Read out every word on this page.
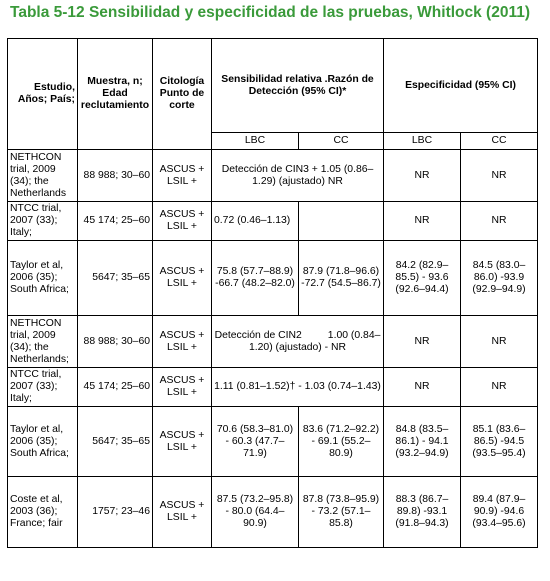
Tabla 5-12 Sensibilidad y especificidad de las pruebas, Whitlock (2011)
Estudio, Años; País;	Muestra, n; Edad reclutamiento	Citología Punto de corte	Sensibilidad relativa .Razón de Detección (95% CI)*		Especificidad (95% CI)	
			LBC	CC	LBC	CC
NETHCON trial, 2009 (34); the Netherlands	88 988; 30–60	ASCUS + LSIL +	Detección de CIN3 + 1.05 (0.86–1.29) (ajustado) NR		NR	NR
NTCC trial, 2007 (33); Italy;	45 174; 25–60	ASCUS + LSIL +	0.72 (0.46–1.13)		NR	NR
Taylor et al, 2006 (35); South Africa;	5647; 35–65	ASCUS + LSIL +	75.8 (57.7–88.9) -66.7 (48.2–82.0)	87.9 (71.8–96.6) -72.7 (54.5–86.7)	84.2 (82.9–85.5) - 93.6 (92.6–94.4)	84.5 (83.0–86.0) -93.9 (92.9–94.9)
NETHCON trial, 2009 (34); the Netherlands;	88 988; 30–60	ASCUS + LSIL +	Detección de CIN2         1.00 (0.84–1.20) (ajustado) - NR		NR	NR
NTCC trial, 2007 (33); Italy;	45 174; 25–60	ASCUS + LSIL +	1.11 (0.81–1.52)† - 1.03 (0.74–1.43)		NR	NR
Taylor et al, 2006 (35); South Africa;	5647; 35–65	ASCUS + LSIL +	70.6 (58.3–81.0) - 60.3 (47.7–71.9)	83.6 (71.2–92.2) - 69.1 (55.2–80.9)	84.8 (83.5–86.1) - 94.1 (93.2–94.9)	85.1 (83.6–86.5) -94.5 (93.5–95.4)
Coste et al, 2003 (36); France; fair	1757; 23–46	ASCUS + LSIL +	87.5 (73.2–95.8) - 80.0 (64.4–90.9)	87.8 (73.8–95.9) - 73.2 (57.1–85.8)	88.3 (86.7–89.8) -93.1 (91.8–94.3)	89.4 (87.9–90.9) -94.6 (93.4–95.6)
